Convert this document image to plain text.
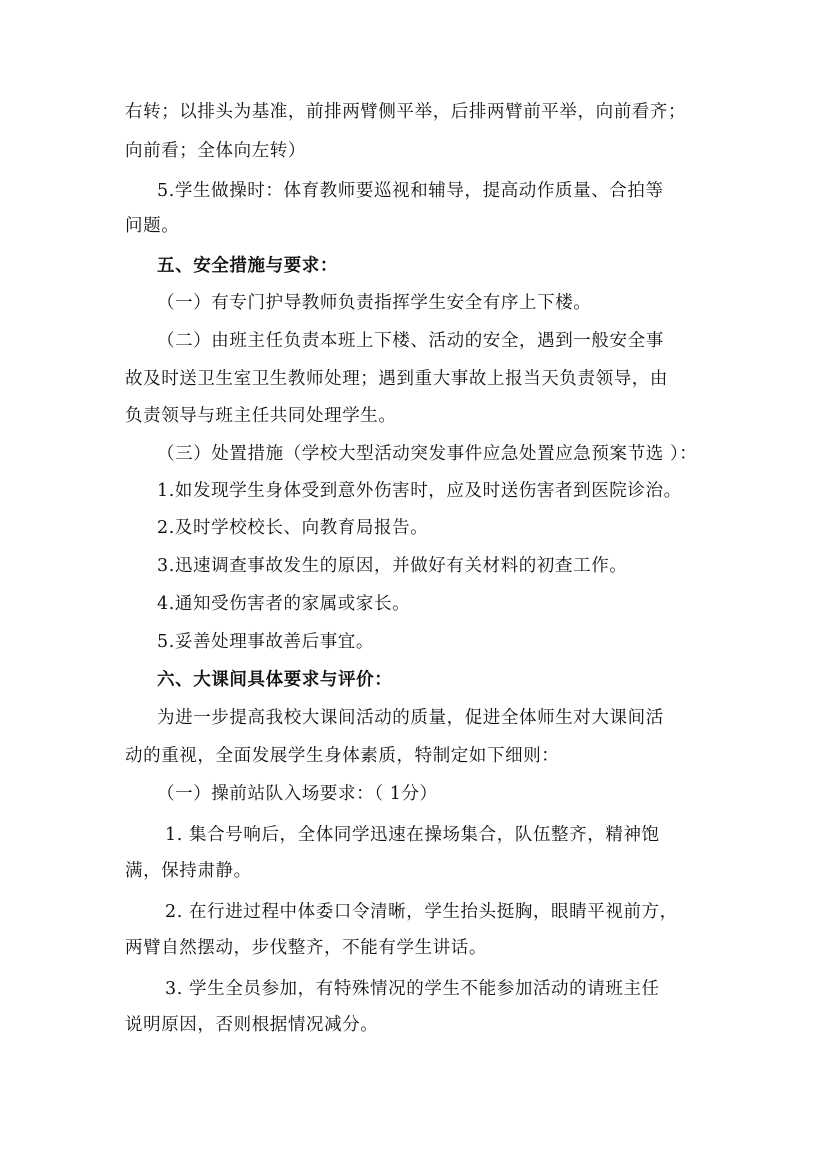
右转；以排头为基准，前排两臂侧平举，后排两臂前平举，向前看齐；
向前看；全体向左转）
5.学生做操时：体育教师要巡视和辅导，提高动作质量、合拍等
问题。
五、安全措施与要求：
（一）有专门护导教师负责指挥学生安全有序上下楼。
（二）由班主任负责本班上下楼、活动的安全，遇到一般安全事
故及时送卫生室卫生教师处理；遇到重大事故上报当天负责领导，由
负责领导与班主任共同处理学生。
（三）处置措施（学校大型活动突发事件应急处置应急预案节选 ）：
1.如发现学生身体受到意外伤害时，应及时送伤害者到医院诊治。
2.及时学校校长、向教育局报告。
3.迅速调查事故发生的原因，并做好有关材料的初查工作。
4.通知受伤害者的家属或家长。
5.妥善处理事故善后事宜。
六、大课间具体要求与评价：
为进一步提高我校大课间活动的质量，促进全体师生对大课间活
动的重视，全面发展学生身体素质，特制定如下细则：
（一）操前站队入场要求：（ 1分）
1. 集合号响后，全体同学迅速在操场集合，队伍整齐，精神饱
满，保持肃静。
2. 在行进过程中体委口令清晰，学生抬头挺胸，眼睛平视前方，
两臂自然摆动，步伐整齐，不能有学生讲话。
3. 学生全员参加，有特殊情况的学生不能参加活动的请班主任
说明原因，否则根据情况减分。
